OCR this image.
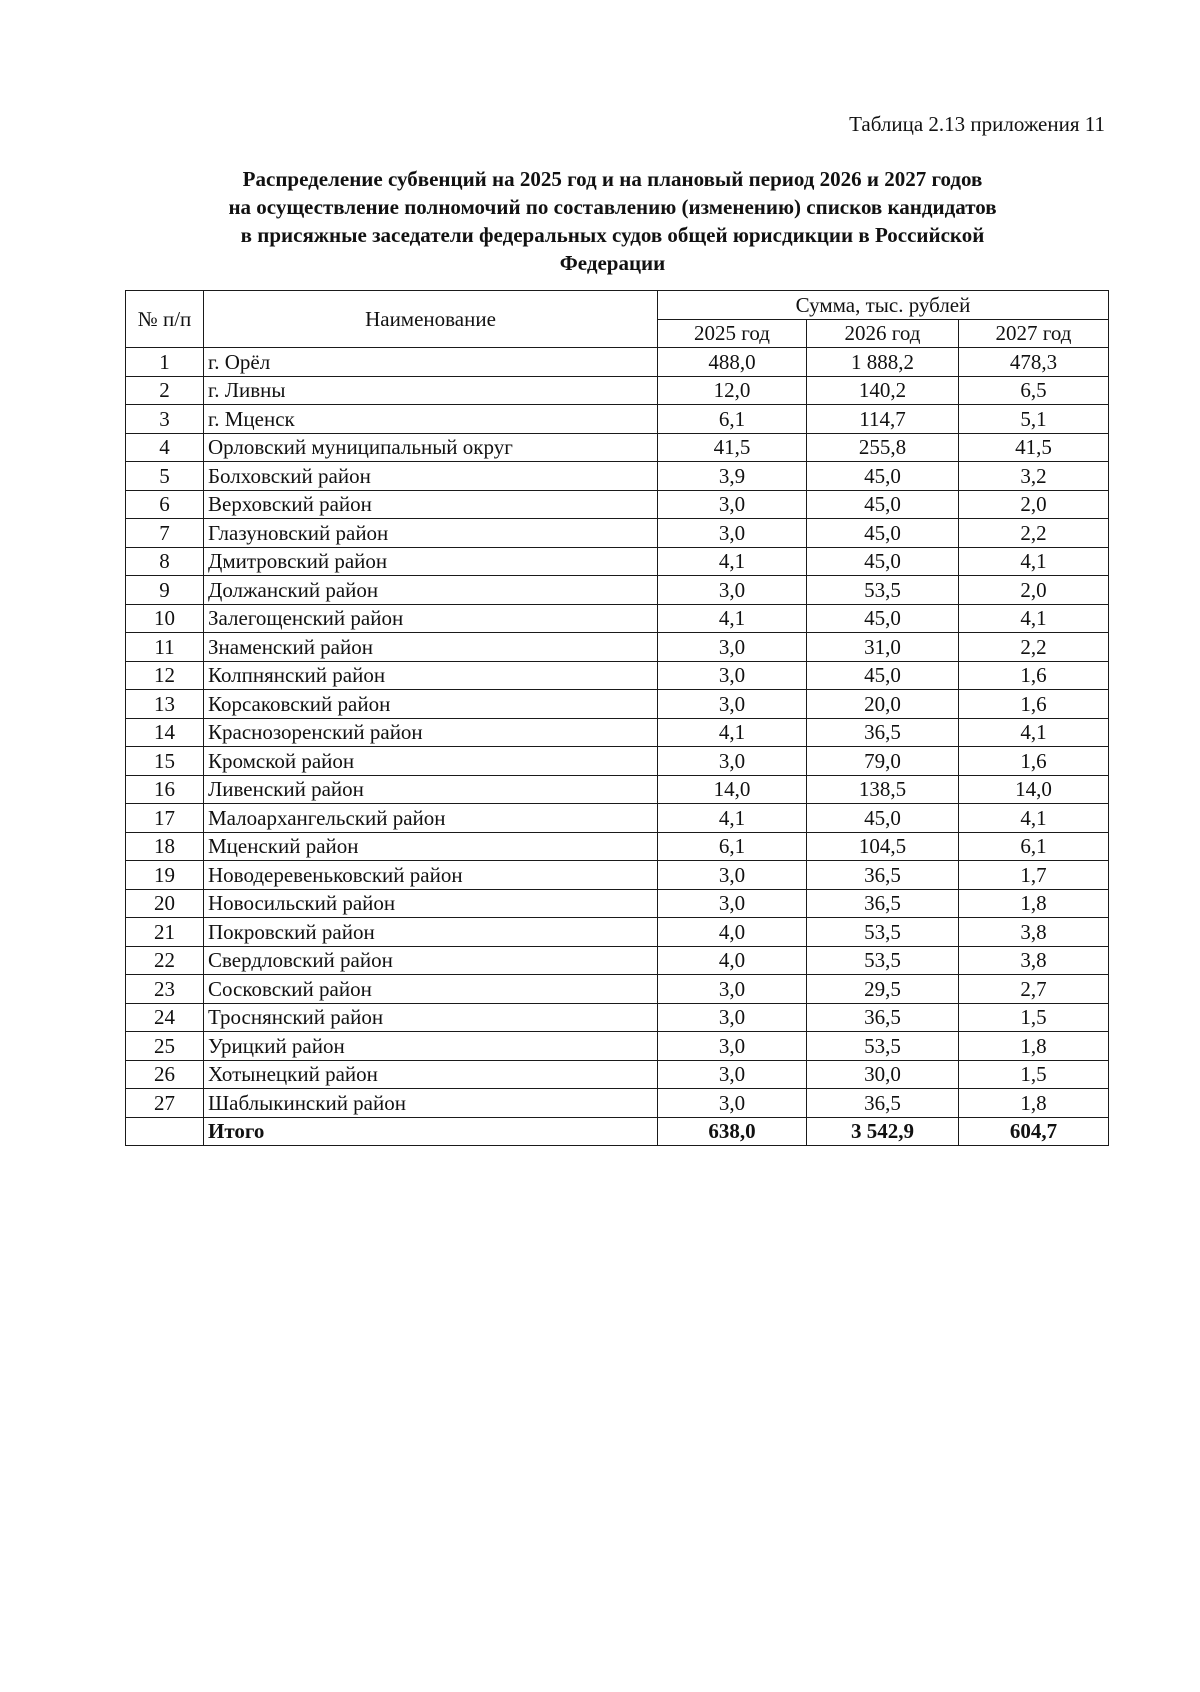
Таблица 2.13 приложения 11
Распределение субвенций на 2025 год и на плановый период 2026 и 2027 годов
на осуществление полномочий по составлению (изменению) списков кандидатов
в присяжные заседатели федеральных судов общей юрисдикции в Российской
Федерации
№ п/п	Наименование	Сумма, тыс. рублей		
		2025 год	2026 год	2027 год
1	г. Орёл	488,0	1 888,2	478,3
2	г. Ливны	12,0	140,2	6,5
3	г. Мценск	6,1	114,7	5,1
4	Орловский муниципальный округ	41,5	255,8	41,5
5	Болховский район	3,9	45,0	3,2
6	Верховский район	3,0	45,0	2,0
7	Глазуновский район	3,0	45,0	2,2
8	Дмитровский район	4,1	45,0	4,1
9	Должанский район	3,0	53,5	2,0
10	Залегощенский район	4,1	45,0	4,1
11	Знаменский район	3,0	31,0	2,2
12	Колпнянский район	3,0	45,0	1,6
13	Корсаковский район	3,0	20,0	1,6
14	Краснозоренский район	4,1	36,5	4,1
15	Кромской район	3,0	79,0	1,6
16	Ливенский район	14,0	138,5	14,0
17	Малоархангельский район	4,1	45,0	4,1
18	Мценский район	6,1	104,5	6,1
19	Новодеревеньковский район	3,0	36,5	1,7
20	Новосильский район	3,0	36,5	1,8
21	Покровский район	4,0	53,5	3,8
22	Свердловский район	4,0	53,5	3,8
23	Сосковский район	3,0	29,5	2,7
24	Троснянский район	3,0	36,5	1,5
25	Урицкий район	3,0	53,5	1,8
26	Хотынецкий район	3,0	30,0	1,5
27	Шаблыкинский район	3,0	36,5	1,8
	Итого	638,0	3 542,9	604,7
